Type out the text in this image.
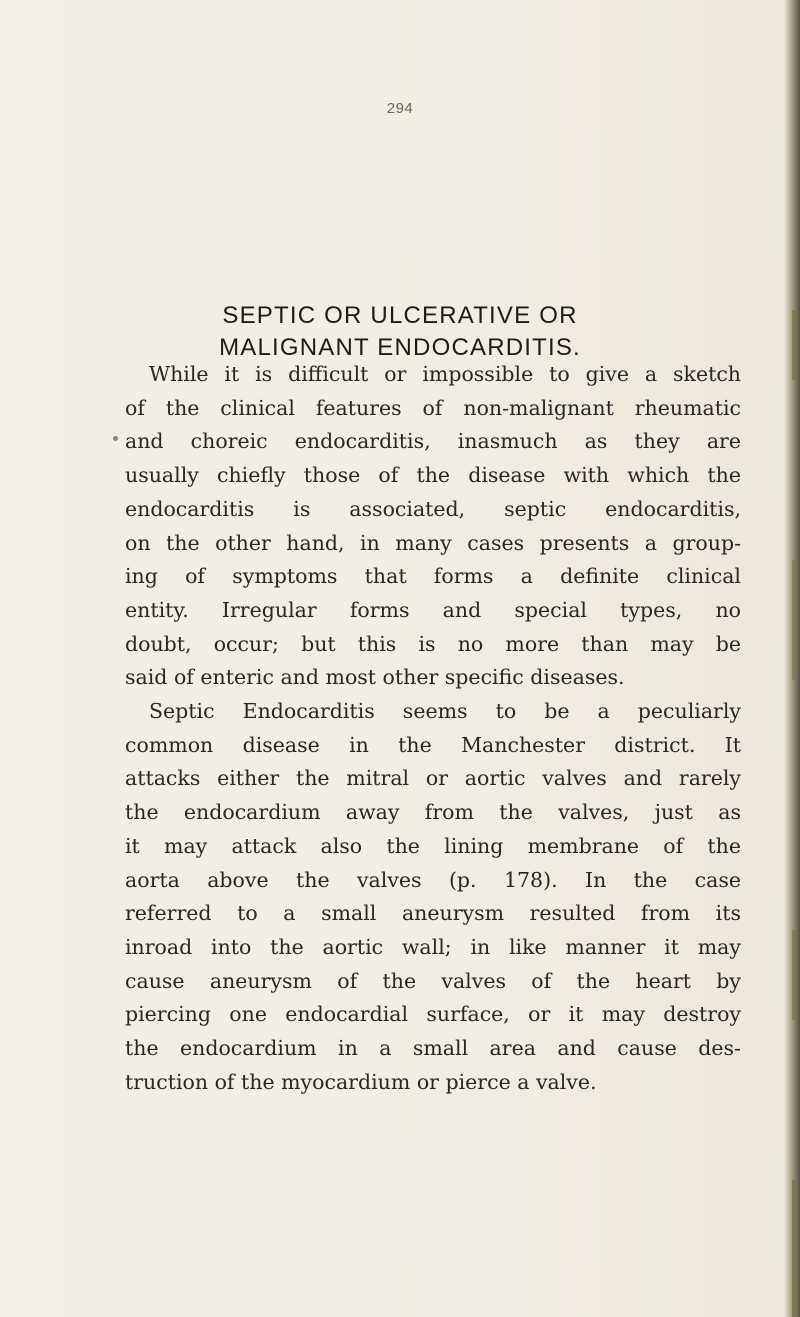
294
SEPTIC OR ULCERATIVE OR
MALIGNANT ENDOCARDITIS.
While it is difficult or impossible to give a sketch
of the clinical features of non-malignant rheumatic
and choreic endocarditis, inasmuch as they are
usually chiefly those of the disease with which the
endocarditis is associated, septic endocarditis,
on the other hand, in many cases presents a group-
ing of symptoms that forms a definite clinical
entity. Irregular forms and special types, no
doubt, occur; but this is no more than may be
said of enteric and most other specific diseases.
Septic Endocarditis seems to be a peculiarly
common disease in the Manchester district. It
attacks either the mitral or aortic valves and rarely
the endocardium away from the valves, just as
it may attack also the lining membrane of the
aorta above the valves (p. 178). In the case
referred to a small aneurysm resulted from its
inroad into the aortic wall; in like manner it may
cause aneurysm of the valves of the heart by
piercing one endocardial surface, or it may destroy
the endocardium in a small area and cause des-
truction of the myocardium or pierce a valve.
